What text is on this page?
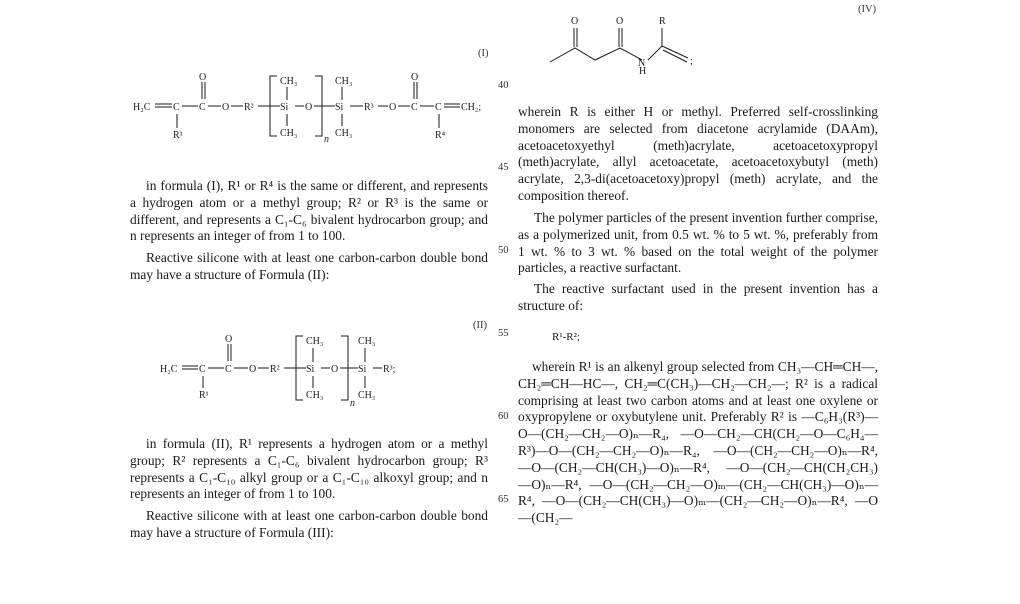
(IV)
O	O	R
N
H
;
(I)
H₂C C
R¹
C
O
O R²
CH₃
Si
CH₃
O
n
CH₃
Si
CH₃
R³ O C
O
C
R⁴
CH₂;
40
45
50
55
60
65
in formula (I), R¹ or R⁴ is the same or different, and represents a hydrogen atom or a methyl group; R² or R³ is the same or different, and represents a C₁-C₆ bivalent hydrocarbon group; and n represents an integer of from 1 to 100.
Reactive silicone with at least one carbon-carbon double bond may have a structure of Formula (II):
(II)
H₂C C
R¹
C
O
O R²
CH₃
Si
CH₃
O
n
CH₃
Si
CH₃
R³;
in formula (II), R¹ represents a hydrogen atom or a methyl group; R² represents a C₁-C₆ bivalent hydrocarbon group; R³ represents a C₁-C₁₀ alkyl group or a C₁-C₁₀ alkoxyl group; and n represents an integer of from 1 to 100.
Reactive silicone with at least one carbon-carbon double bond may have a structure of Formula (III):
wherein R is either H or methyl. Preferred self-crosslinking monomers are selected from diacetone acrylamide (DAAm), acetoacetoxyethyl (meth)acrylate, acetoacetoxypropyl (meth)acrylate, allyl acetoacetate, acetoacetoxybutyl (meth) acrylate, 2,3-di(acetoacetoxy)propyl (meth) acrylate, and the composition thereof.
The polymer particles of the present invention further comprise, as a polymerized unit, from 0.5 wt. % to 5 wt. %, preferably from 1 wt. % to 3 wt. % based on the total weight of the polymer particles, a reactive surfactant.
The reactive surfactant used in the present invention has a structure of:
R¹-R²;
wherein R¹ is an alkenyl group selected from CH₃—CH═CH—, CH₂═CH—HC—, CH₂═C(CH₃)—CH₂—CH₂—; R² is a radical comprising at least two carbon atoms and at least one oxylene or oxypropylene or oxybutylene unit. Preferably R² is —C₆H₃(R³)—O—(CH₂—CH₂—O)ₙ—R₄, —O—CH₂—CH(CH₂—O—C₆H₄—R³)—O—(CH₂—CH₂—O)ₙ—R₄, —O—(CH₂—CH₂—O)ₙ—R⁴, —O—(CH₂—CH(CH₃)—O)ₙ—R⁴, —O—(CH₂—CH(CH₂CH₃)—O)ₙ—R⁴, —O—(CH₂—CH₂—O)ₘ—(CH₂—CH(CH₃)—O)ₙ—R⁴, —O—(CH₂—CH(CH₃)—O)ₘ—(CH₂—CH₂—O)ₙ—R⁴, —O—(CH₂—
